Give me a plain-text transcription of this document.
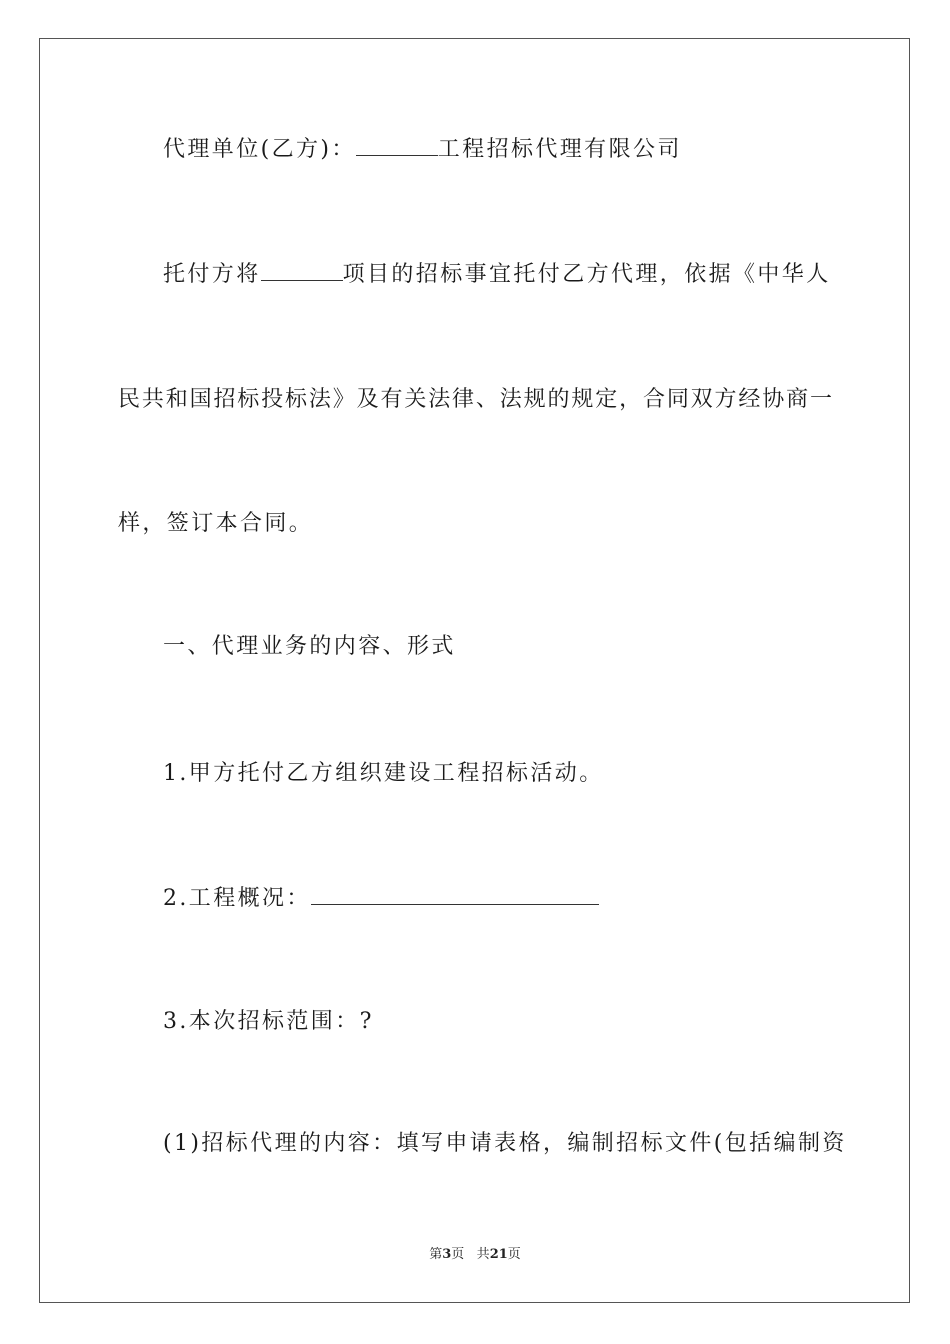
代理单位(乙方)：	工程招标代理有限公司
托付方将	项目的招标事宜托付乙方代理，依据《中华人
民共和国招标投标法》及有关法律、法规的规定，合同双方经协商一
样，签订本合同。
一、代理业务的内容、形式
1.甲方托付乙方组织建设工程招标活动。
2.工程概况：
3.本次招标范围：?
(1)招标代理的内容：填写申请表格，编制招标文件(包括编制资
第3页 共21页
